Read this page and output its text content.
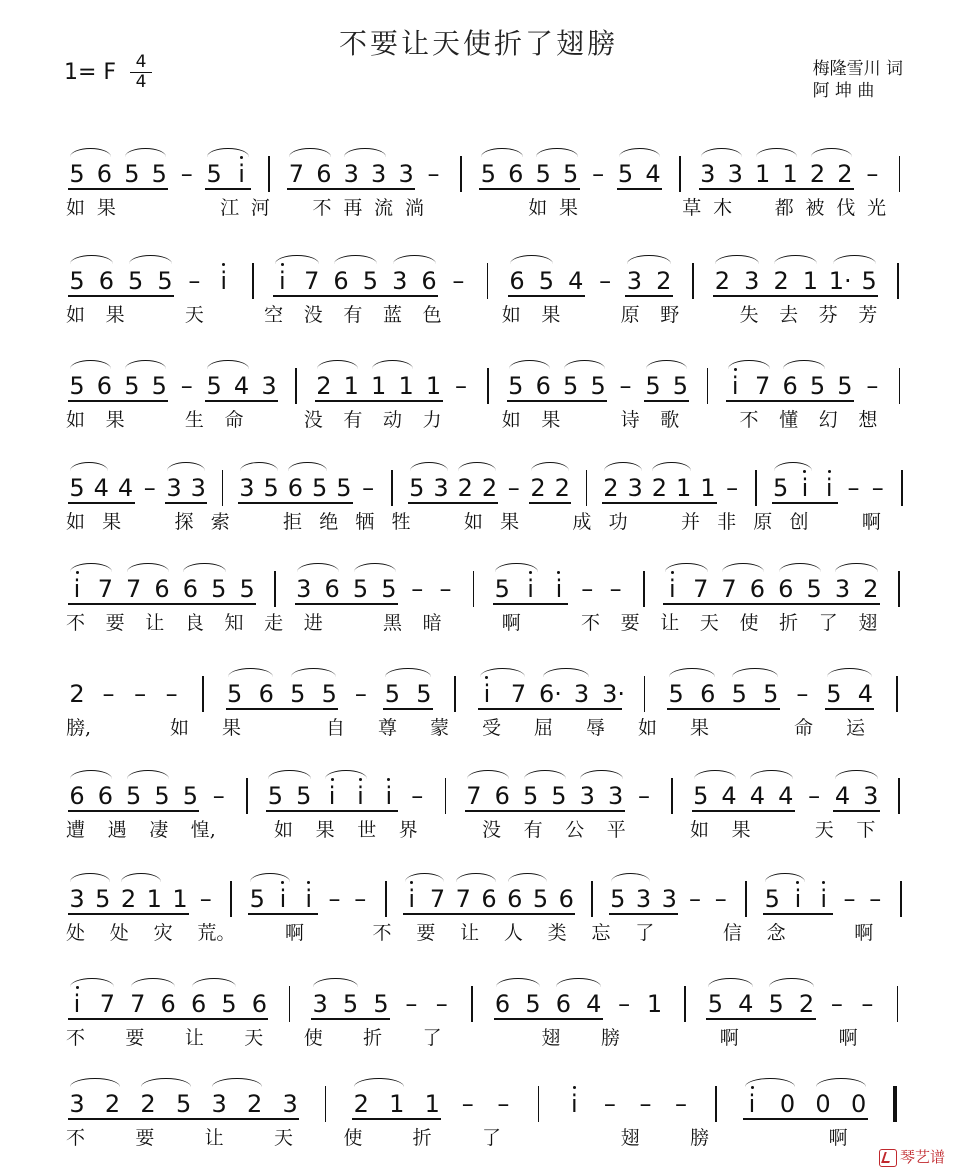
不要让天使折了翅膀
1= F	4
4
梅隆雪川 词
阿 坤 曲
5 6 5 5 – 5 i	7 6 3 3 3 – 5 6 5 5 – 5 4 3 3 1 1 2 2 –
如 果	江 河	不 再 流 淌	如 果	草 木	都 被 伐 光
5 6 5 5 – i	i 7 6 5 3 6 – 6 5 4 – 3 2 2 3 2 1 1· 5
如	果	天	空	没	有	蓝	色	如	果	原	野	失	去	芬	芳
5 6 5 5 – 5 4 3 2 1 1 1 1 – 5 6 5 5 – 5 5	i 7 6 5 5 –
如	果	生	命	没	有	动	力	如	果	诗	歌	不	懂	幻	想
5 4 4 – 3 3 3 5 6 5 5 – 5 3 2 2 – 2 2 2 3 2 1 1 – 5 i i – –
如 果	探 索	拒 绝 牺 牲	如 果	成 功	并 非 原 创	啊
i 7 7 6 6 5 5 3 6 5 5 – – 5 i i – –	i 7 7 6 6 5 3 2
不	要	让	良	知	走	进	黑	暗	啊	不	要	让	天	使	折	了	翅
2 – – – 5 6 5 5 – 5 5	i 7 6· 3 3· 5 6 5 5 – 5 4
膀,	如	果	自	尊	蒙	受	屈	辱	如	果	命	运
6 6 5 5 5 – 5 5 i i i – 7 6 5 5 3 3 – 5 4 4 4 – 4 3
遭	遇	凄	惶,	如	果	世	界	没	有	公	平	如	果	天	下
3 5 2 1 1 – 5 i i – –	i 7 7 6 6 5 6 5 3 3 – – 5 i i – –
处	处	灾	荒。	啊	不	要	让	人	类	忘	了	信	念	啊
i 7 7 6 6 5 6 3 5 5 – – 6 5 6 4 – 1 5 4 5 2 – –
不	要	让	天	使	折	了	翅	膀	啊	啊
3 2 2 5 3 2 3 2 1 1 – –	i	– – –	i	0 0 0
不	要	让	天	使	折	了	翅	膀	啊
琴艺谱
